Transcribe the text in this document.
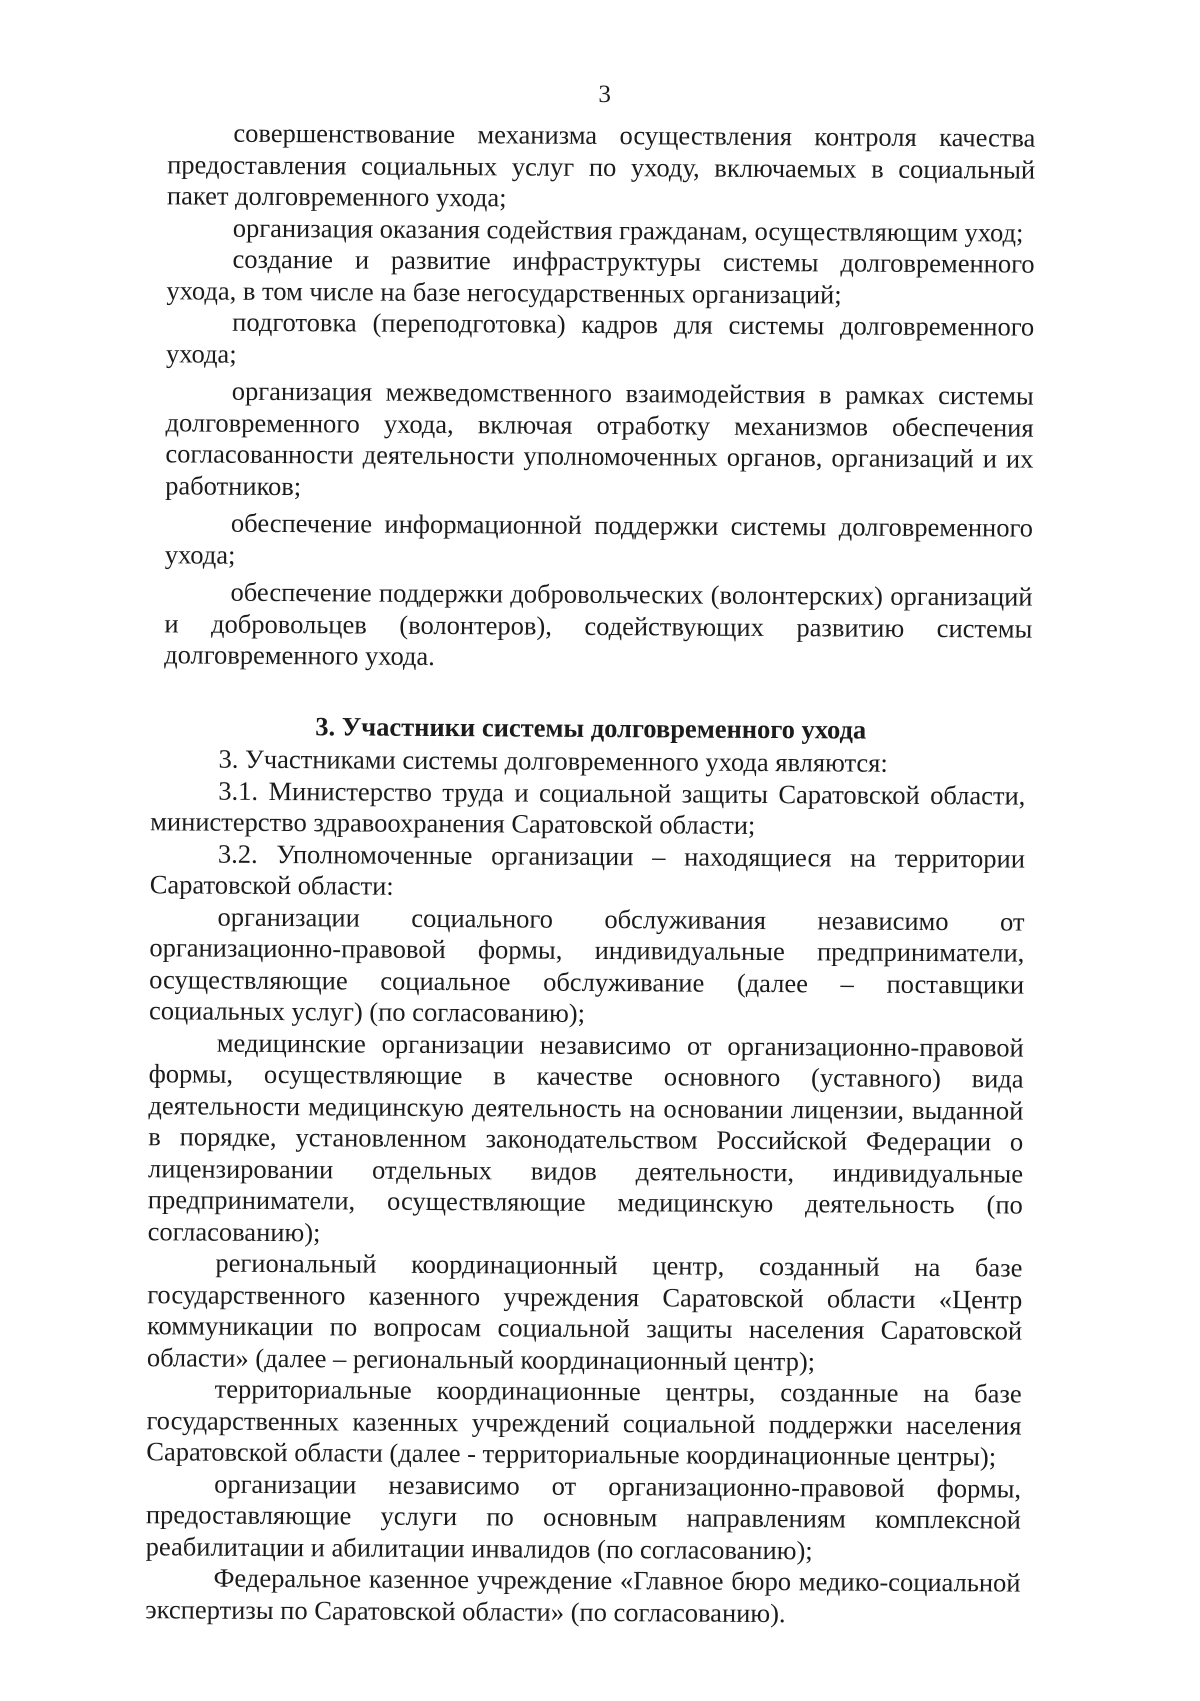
3

совершенствование механизма осуществления контроля качества предоставления социальных услуг по уходу, включаемых в социальный пакет долговременного ухода;

организация оказания содействия гражданам, осуществляющим уход;

создание и развитие инфраструктуры системы долговременного ухода, в том числе на базе негосударственных организаций;

подготовка (переподготовка) кадров для системы долговременного ухода;

организация межведомственного взаимодействия в рамках системы долговременного ухода, включая отработку механизмов обеспечения согласованности деятельности уполномоченных органов, организаций и их работников;

обеспечение информационной поддержки системы долговременного ухода;

обеспечение поддержки добровольческих (волонтерских) организаций и добровольцев (волонтеров), содействующих развитию системы долговременного ухода.

3. Участники системы долговременного ухода

3. Участниками системы долговременного ухода являются:

3.1. Министерство труда и социальной защиты Саратовской области, министерство здравоохранения Саратовской области;

3.2. Уполномоченные организации – находящиеся на территории Саратовской области:

организации социального обслуживания независимо от организационно-правовой формы, индивидуальные предприниматели, осуществляющие социальное обслуживание (далее – поставщики социальных услуг) (по согласованию);

медицинские организации независимо от организационно-правовой формы, осуществляющие в качестве основного (уставного) вида деятельности медицинскую деятельность на основании лицензии, выданной в порядке, установленном законодательством Российской Федерации о лицензировании отдельных видов деятельности, индивидуальные предприниматели, осуществляющие медицинскую деятельность (по согласованию);

региональный координационный центр, созданный на базе государственного казенного учреждения Саратовской области «Центр коммуникации по вопросам социальной защиты населения Саратовской области» (далее – региональный координационный центр);

территориальные координационные центры, созданные на базе государственных казенных учреждений социальной поддержки населения Саратовской области (далее - территориальные координационные центры);

организации независимо от организационно-правовой формы, предоставляющие услуги по основным направлениям комплексной реабилитации и абилитации инвалидов (по согласованию);

Федеральное казенное учреждение «Главное бюро медико-социальной экспертизы по Саратовской области» (по согласованию).
